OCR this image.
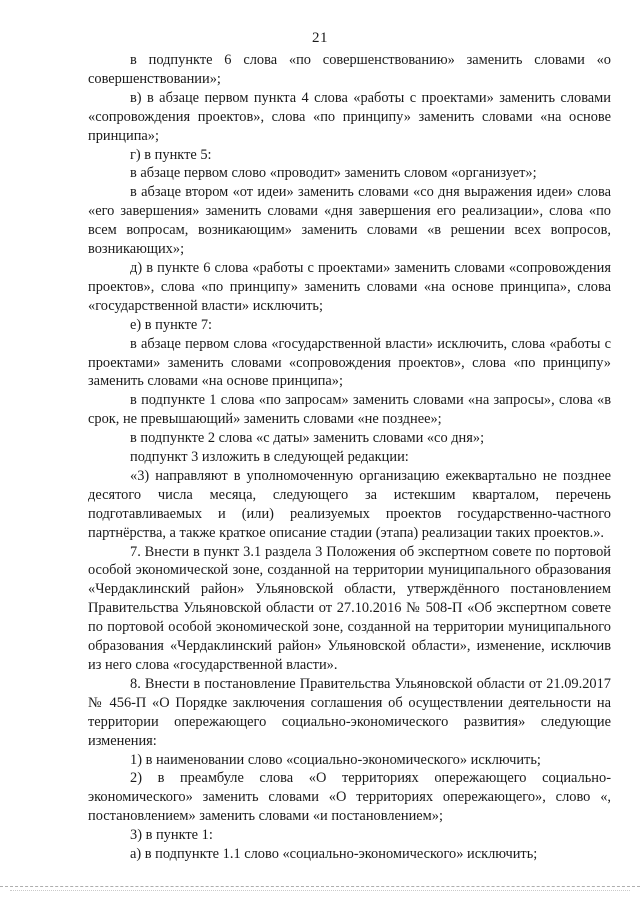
21

в подпункте 6 слова «по совершенствованию» заменить словами «о совершенствовании»;

в) в абзаце первом пункта 4 слова «работы с проектами» заменить словами «сопровождения проектов», слова «по принципу» заменить словами «на основе принципа»;

г) в пункте 5:

в абзаце первом слово «проводит» заменить словом «организует»;

в абзаце втором «от идеи» заменить словами «со дня выражения идеи» слова «его завершения» заменить словами «дня завершения его реализации», слова «по всем вопросам, возникающим» заменить словами «в решении всех вопросов, возникающих»;

д) в пункте 6 слова «работы с проектами» заменить словами «сопровождения проектов», слова «по принципу» заменить словами «на основе принципа», слова «государственной власти» исключить;

е) в пункте 7:

в абзаце первом слова «государственной власти» исключить, слова «работы с проектами» заменить словами «сопровождения проектов», слова «по принципу» заменить словами «на основе принципа»;

в подпункте 1 слова «по запросам» заменить словами «на запросы», слова «в срок, не превышающий» заменить словами «не позднее»;

в подпункте 2 слова «с даты» заменить словами «со дня»;

подпункт 3 изложить в следующей редакции:

«3) направляют в уполномоченную организацию ежеквартально не позднее десятого числа месяца, следующего за истекшим кварталом, перечень подготавливаемых и (или) реализуемых проектов государственно-частного партнёрства, а также краткое описание стадии (этапа) реализации таких проектов.».

7. Внести в пункт 3.1 раздела 3 Положения об экспертном совете по портовой особой экономической зоне, созданной на территории муниципального образования «Чердаклинский район» Ульяновской области, утверждённого постановлением Правительства Ульяновской области от 27.10.2016 № 508-П «Об экспертном совете по портовой особой экономической зоне, созданной на территории муниципального образования «Чердаклинский район» Ульяновской области», изменение, исключив из него слова «государственной власти».

8. Внести в постановление Правительства Ульяновской области от 21.09.2017 № 456-П «О Порядке заключения соглашения об осуществлении деятельности на территории опережающего социально-экономического развития» следующие изменения:

1) в наименовании слово «социально-экономического» исключить;

2) в преамбуле слова «О территориях опережающего социально-экономического» заменить словами «О территориях опережающего», слово «, постановлением» заменить словами «и постановлением»;

3) в пункте 1:

а) в подпункте 1.1 слово «социально-экономического» исключить;
